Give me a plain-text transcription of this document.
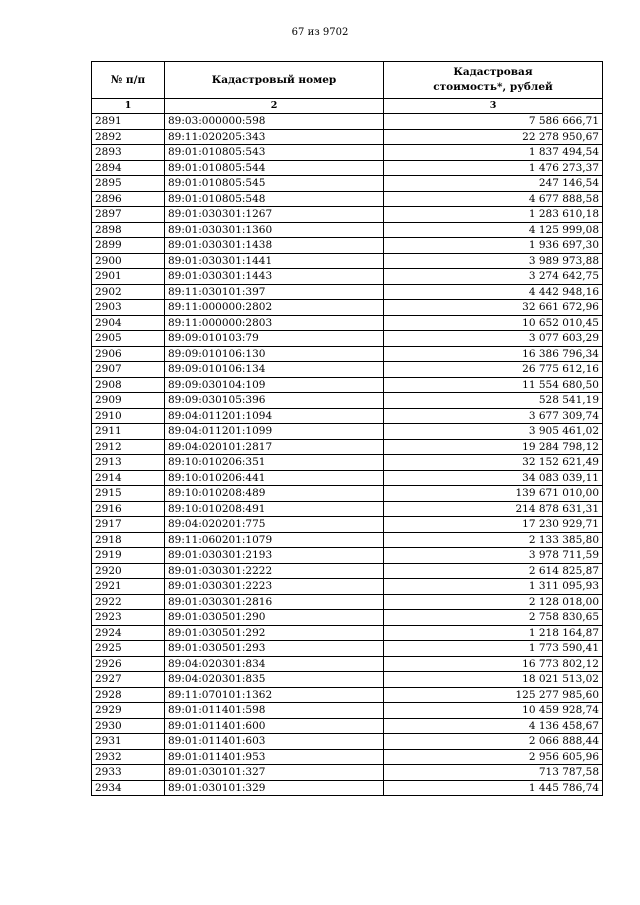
67 из 9702
№ п/п	Кадастровый номер	Кадастровая стоимость*, рублей
1	2	3
2891	89:03:000000:598	7 586 666,71
2892	89:11:020205:343	22 278 950,67
2893	89:01:010805:543	1 837 494,54
2894	89:01:010805:544	1 476 273,37
2895	89:01:010805:545	247 146,54
2896	89:01:010805:548	4 677 888,58
2897	89:01:030301:1267	1 283 610,18
2898	89:01:030301:1360	4 125 999,08
2899	89:01:030301:1438	1 936 697,30
2900	89:01:030301:1441	3 989 973,88
2901	89:01:030301:1443	3 274 642,75
2902	89:11:030101:397	4 442 948,16
2903	89:11:000000:2802	32 661 672,96
2904	89:11:000000:2803	10 652 010,45
2905	89:09:010103:79	3 077 603,29
2906	89:09:010106:130	16 386 796,34
2907	89:09:010106:134	26 775 612,16
2908	89:09:030104:109	11 554 680,50
2909	89:09:030105:396	528 541,19
2910	89:04:011201:1094	3 677 309,74
2911	89:04:011201:1099	3 905 461,02
2912	89:04:020101:2817	19 284 798,12
2913	89:10:010206:351	32 152 621,49
2914	89:10:010206:441	34 083 039,11
2915	89:10:010208:489	139 671 010,00
2916	89:10:010208:491	214 878 631,31
2917	89:04:020201:775	17 230 929,71
2918	89:11:060201:1079	2 133 385,80
2919	89:01:030301:2193	3 978 711,59
2920	89:01:030301:2222	2 614 825,87
2921	89:01:030301:2223	1 311 095,93
2922	89:01:030301:2816	2 128 018,00
2923	89:01:030501:290	2 758 830,65
2924	89:01:030501:292	1 218 164,87
2925	89:01:030501:293	1 773 590,41
2926	89:04:020301:834	16 773 802,12
2927	89:04:020301:835	18 021 513,02
2928	89:11:070101:1362	125 277 985,60
2929	89:01:011401:598	10 459 928,74
2930	89:01:011401:600	4 136 458,67
2931	89:01:011401:603	2 066 888,44
2932	89:01:011401:953	2 956 605,96
2933	89:01:030101:327	713 787,58
2934	89:01:030101:329	1 445 786,74
